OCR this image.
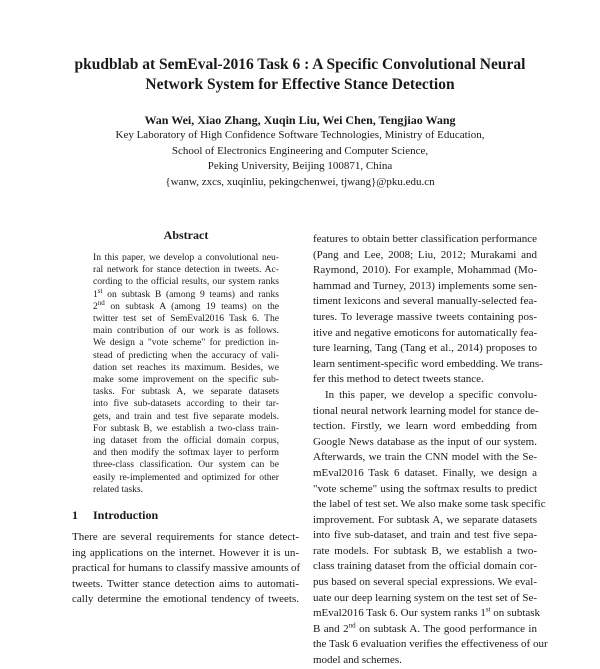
pkudblab at SemEval-2016 Task 6 : A Specific Convolutional Neural
Network System for Effective Stance Detection
Wan Wei, Xiao Zhang, Xuqin Liu, Wei Chen, Tengjiao Wang
Key Laboratory of High Confidence Software Technologies, Ministry of Education,
School of Electronics Engineering and Computer Science,
Peking University, Beijing 100871, China
{wanw, zxcs, xuqinliu, pekingchenwei, tjwang}@pku.edu.cn
Abstract
In this paper, we develop a convolutional neu-
ral network for stance detection in tweets. Ac-
cording to the official results, our system ranks
1st on subtask B (among 9 teams) and ranks
2nd on subtask A (among 19 teams) on the
twitter test set of SemEval2016 Task 6. The
main contribution of our work is as follows.
We design a "vote scheme" for prediction in-
stead of predicting when the accuracy of vali-
dation set reaches its maximum. Besides, we
make some improvement on the specific sub-
tasks. For subtask A, we separate datasets
into five sub-datasets according to their tar-
gets, and train and test five separate models.
For subtask B, we establish a two-class train-
ing dataset from the official domain corpus,
and then modify the softmax layer to perform
three-class classification. Our system can be
easily re-implemented and optimized for other
related tasks.
1 Introduction
There are several requirements for stance detect-
ing applications on the internet. However it is un-
practical for humans to classify massive amounts of
tweets. Twitter stance detection aims to automati-
cally determine the emotional tendency of tweets.
features to obtain better classification performance
(Pang and Lee, 2008; Liu, 2012; Murakami and
Raymond, 2010). For example, Mohammad (Mo-
hammad and Turney, 2013) implements some sen-
timent lexicons and several manually-selected fea-
tures. To leverage massive tweets containing pos-
itive and negative emoticons for automatically fea-
ture learning, Tang (Tang et al., 2014) proposes to
learn sentiment-specific word embedding. We trans-
fer this method to detect tweets stance.
In this paper, we develop a specific convolu-
tional neural network learning model for stance de-
tection. Firstly, we learn word embedding from
Google News database as the input of our system.
Afterwards, we train the CNN model with the Se-
mEval2016 Task 6 dataset. Finally, we design a
"vote scheme" using the softmax results to predict
the label of test set. We also make some task specific
improvement. For subtask A, we separate datasets
into five sub-dataset, and train and test five sepa-
rate models. For subtask B, we establish a two-
class training dataset from the official domain cor-
pus based on several special expressions. We eval-
uate our deep learning system on the test set of Se-
mEval2016 Task 6. Our system ranks 1st on subtask
B and 2nd on subtask A. The good performance in
the Task 6 evaluation verifies the effectiveness of our
model and schemes.
